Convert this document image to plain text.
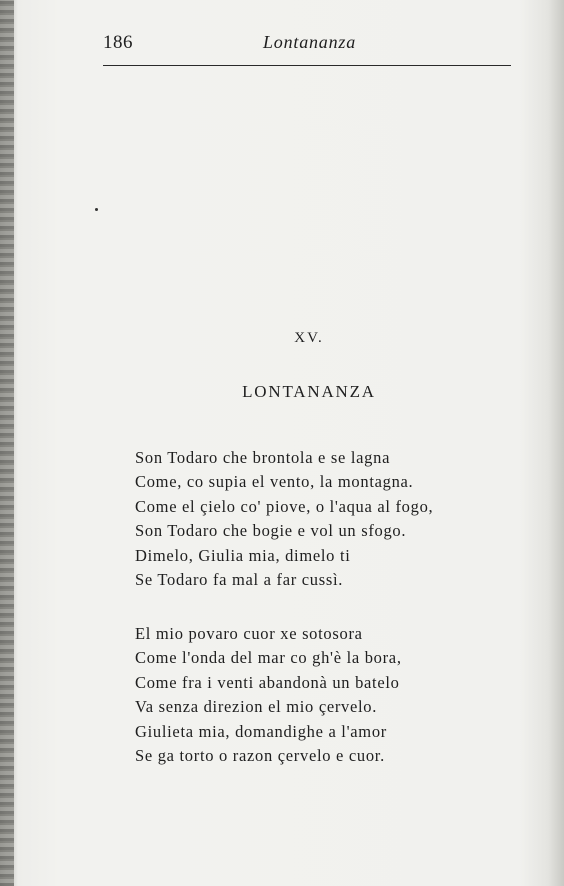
186	Lontananza
XV.
LONTANANZA
Son Todaro che brontola e se lagna
Come, co supia el vento, la montagna.
Come el çielo co' piove, o l'aqua al fogo,
Son Todaro che bogie e vol un sfogo.
Dimelo, Giulia mia, dimelo ti
Se Todaro fa mal a far cussì.
El mio povaro cuor xe sotosora
Come l'onda del mar co gh'è la bora,
Come fra i venti abandonà un batelo
Va senza direzion el mio çervelo.
Giulieta mia, domandighe a l'amor
Se ga torto o razon çervelo e cuor.
